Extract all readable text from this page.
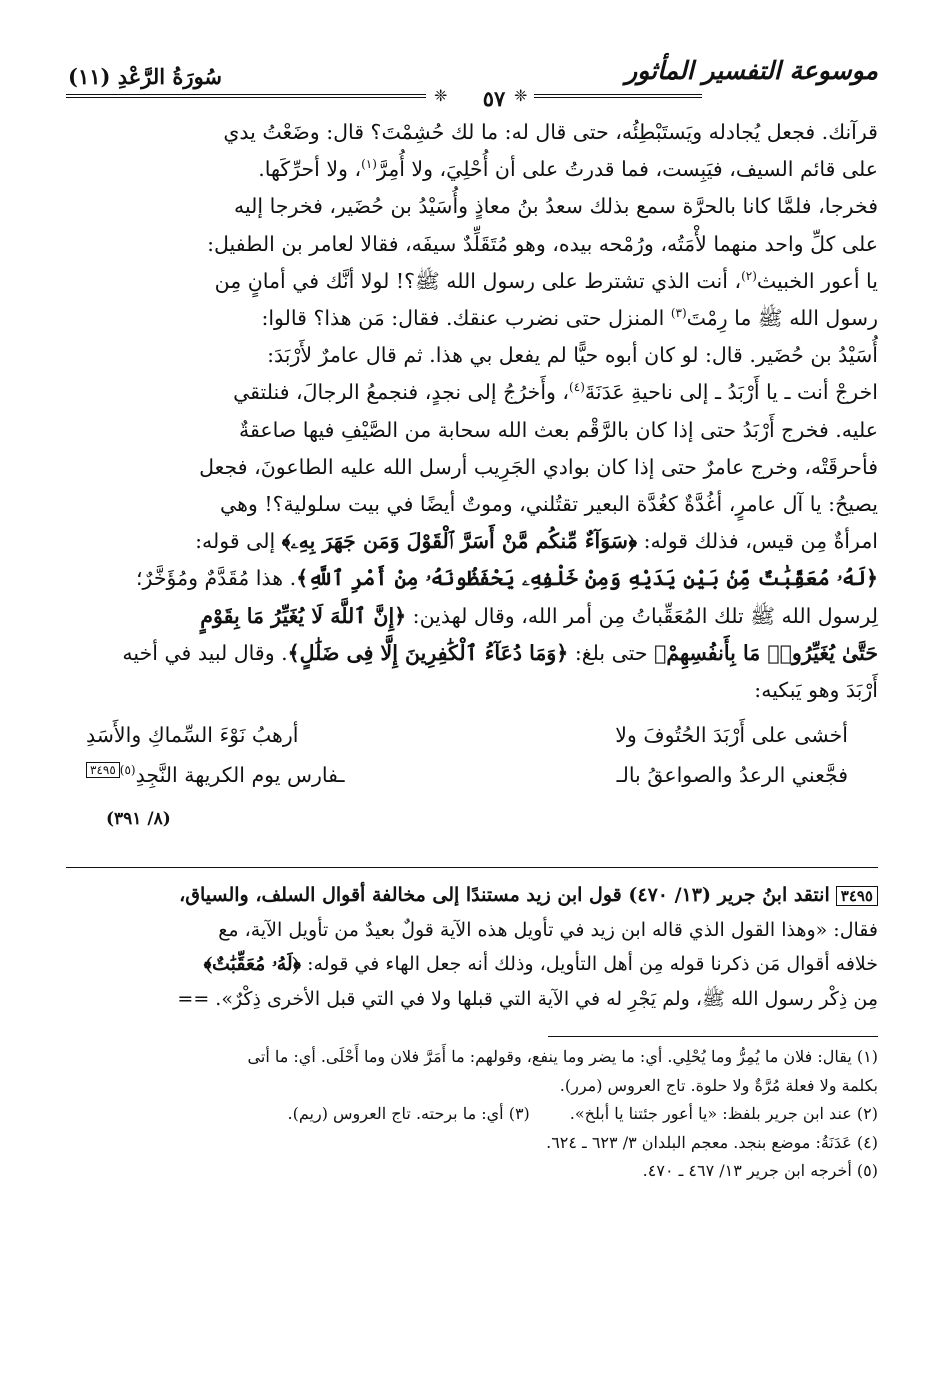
سُورَةُ الرَّعْدِ (١١)
❈	٥٧ ❈
موسوعة التفسير المأثور

قرآنك. فجعل يُجادله ويَستَبْطِئُه، حتى قال له: ما لك حُشِمْتَ؟ قال: وضَعْتُ يدي

على قائم السيف، فيَبِست، فما قدرتُ على أن أُحْلِيَ، ولا أُمِرَّ$^{(١)}$، ولا أحرِّكَها.

فخرجا، فلمَّا كانا بالحرَّة سمع بذلك سعدُ بنُ معاذٍ وأُسَيْدُ بن حُضَير، فخرجا إليه

على كلِّ واحد منهما لأْمَتُه، ورُمْحه بيده، وهو مُتَقَلِّدٌ سيفَه، فقالا لعامر بن الطفيل:

يا أعور الخبيث$^{(٢)}$، أنت الذي تشترط على رسول الله ﷺ؟! لولا أنَّك في أمانٍ مِن

رسول الله ﷺ ما رِمْتَ$^{(٣)}$ المنزل حتى نضرب عنقك. فقال: مَن هذا؟ قالوا:

أُسَيْدُ بن حُضَير. قال: لو كان أبوه حيًّا لم يفعل بي هذا. ثم قال عامرٌ لأَرْبَدَ:

اخرجْ أنت ـ يا أَرْبَدُ ـ إلى ناحيةِ عَدَنَةَ$^{(٤)}$، وأَخرُجُ إلى نجدٍ، فنجمعُ الرجالَ، فنلتقي

عليه. فخرج أَرْبَدُ حتى إذا كان بالرَّقْم بعث الله سحابة من الصَّيْفِ فيها صاعقةٌ

فأحرقَتْه، وخرج عامرٌ حتى إذا كان بوادي الجَرِيب أرسل الله عليه الطاعونَ، فجعل

يصيحُ: يا آل عامرٍ، أغُدَّةٌ كغُدَّة البعير تقتُلني، وموتٌ أيضًا في بيت سلولية؟! وهي

امرأةٌ مِن قيس، فذلك قوله: ﴿سَوَآءٌ مِّنكُم مَّنْ أَسَرَّ ٱلْقَوْلَ وَمَن جَهَرَ بِهِۦ﴾ إلى قوله:

﴿لَهُۥ مُعَقِّبَٰتٌ مِّنۢ بَيْنِ يَدَيْهِ وَمِنْ خَلْفِهِۦ يَحْفَظُونَهُۥ مِنْ أَمْرِ ٱللَّهِ﴾. هذا مُقَدَّمٌ ومُؤَخَّرٌ؛

لِرسول الله ﷺ تلك المُعَقِّباتُ مِن أمر الله، وقال لهذين: ﴿إِنَّ ٱللَّهَ لَا يُغَيِّرُ مَا بِقَوْمٍ

حَتَّىٰ يُغَيِّرُوا۟ مَا بِأَنفُسِهِمْ﴾ حتى بلغ: ﴿وَمَا دُعَآءُ ٱلْكَٰفِرِينَ إِلَّا فِى ضَلَٰلٍ﴾. وقال لبيد في أخيه

أَرْبَدَ وهو يَبكيه:

أخشى على أَرْبَدَ الحُتُوفَ ولا
أرهبُ نَوْءَ السِّماكِ والأَسَدِ
فجَّعني الرعدُ والصواعقُ بالـ
ـفارس يوم الكريهة النَّجِدِ$^{(٥)}$٣٤٩٥
(٨/ ٣٩١)

٣٤٩٥ انتقد ابنُ جرير (١٣/ ٤٧٠) قول ابن زيد مستندًا إلى مخالفة أقوال السلف، والسياق،

فقال: «وهذا القول الذي قاله ابن زيد في تأويل هذه الآية قولٌ بعيدٌ من تأويل الآية، مع

خلافه أقوال مَن ذكرنا قوله مِن أهل التأويل، وذلك أنه جعل الهاء في قوله: ﴿لَهُۥ مُعَقِّبَٰتٌ﴾

مِن ذِكْر رسول الله ﷺ، ولم يَجْرِ له في الآية التي قبلها ولا في التي قبل الأخرى ذِكْرٌ». ==

(١) يقال: فلان ما يُمِرُّ وما يُحْلِي. أي: ما يضر وما ينفع، وقولهم: ما أَمَرَّ فلان وما أَحْلَى. أي: ما أتى

بكلمة ولا فعلة مُرَّةٌ ولا حلوة. تاج العروس (مرر).

(٢) عند ابن جرير بلفظ: «يا أعور جئتنا يا أبلخ».
(٣) أي: ما برحته. تاج العروس (ريم).

(٤) عَدَنَةُ: موضع بنجد. معجم البلدان ٣/ ٦٢٣ ـ ٦٢٤.

(٥) أخرجه ابن جرير ١٣/ ٤٦٧ ـ ٤٧٠.
